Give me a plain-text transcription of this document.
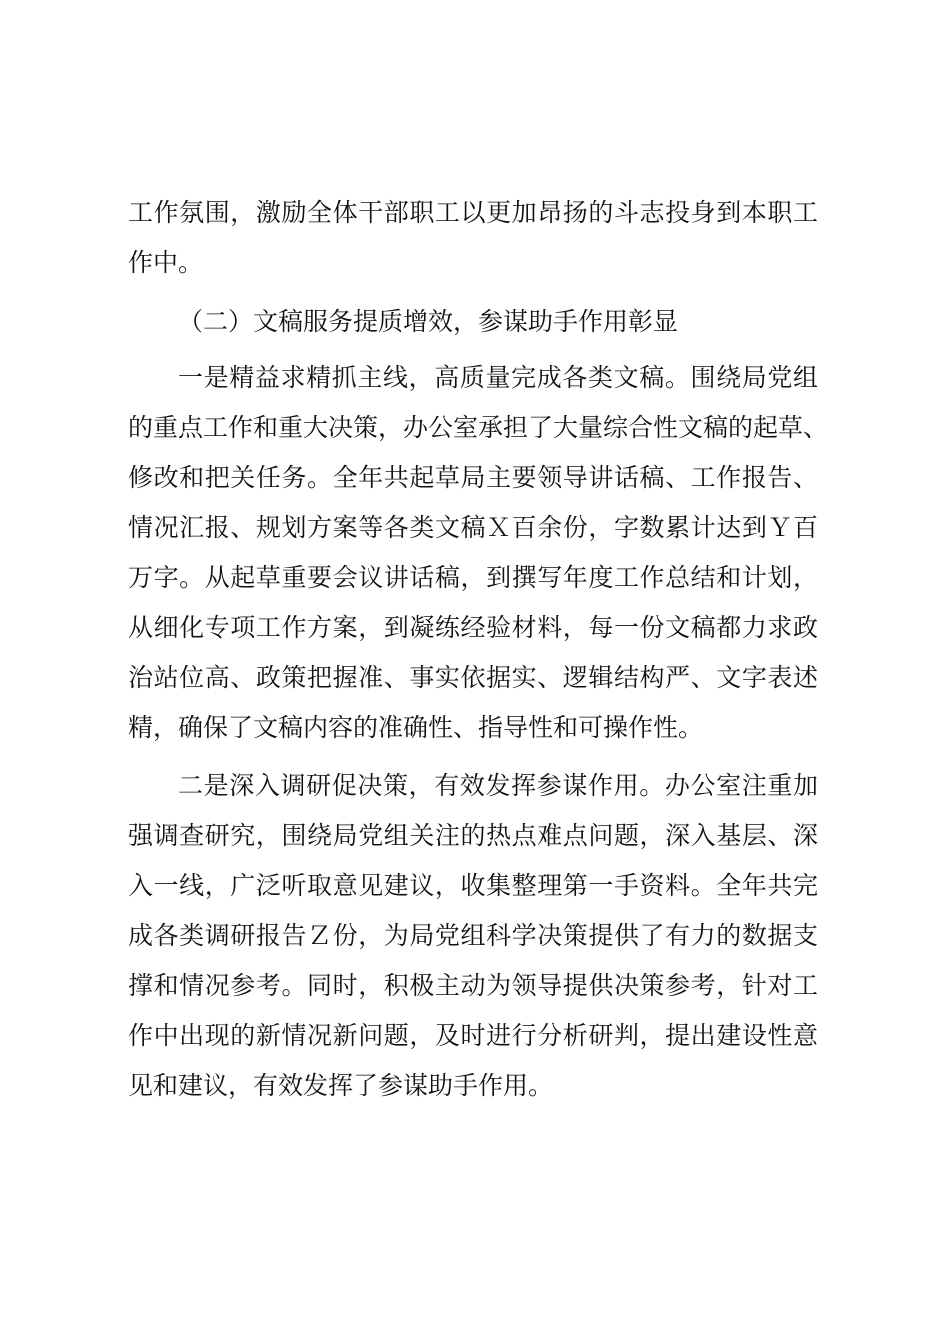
工作氛围，激励全体干部职工以更加昂扬的斗志投身到本职工
作中。
（二）文稿服务提质增效，参谋助手作用彰显
一是精益求精抓主线，高质量完成各类文稿。围绕局党组
的重点工作和重大决策，办公室承担了大量综合性文稿的起草、
修改和把关任务。全年共起草局主要领导讲话稿、工作报告、
情况汇报、规划方案等各类文稿Ｘ百余份，字数累计达到Ｙ百
万字。从起草重要会议讲话稿，到撰写年度工作总结和计划，
从细化专项工作方案，到凝练经验材料，每一份文稿都力求政
治站位高、政策把握准、事实依据实、逻辑结构严、文字表述
精，确保了文稿内容的准确性、指导性和可操作性。
二是深入调研促决策，有效发挥参谋作用。办公室注重加
强调查研究，围绕局党组关注的热点难点问题，深入基层、深
入一线，广泛听取意见建议，收集整理第一手资料。全年共完
成各类调研报告Ｚ份，为局党组科学决策提供了有力的数据支
撑和情况参考。同时，积极主动为领导提供决策参考，针对工
作中出现的新情况新问题，及时进行分析研判，提出建设性意
见和建议，有效发挥了参谋助手作用。
